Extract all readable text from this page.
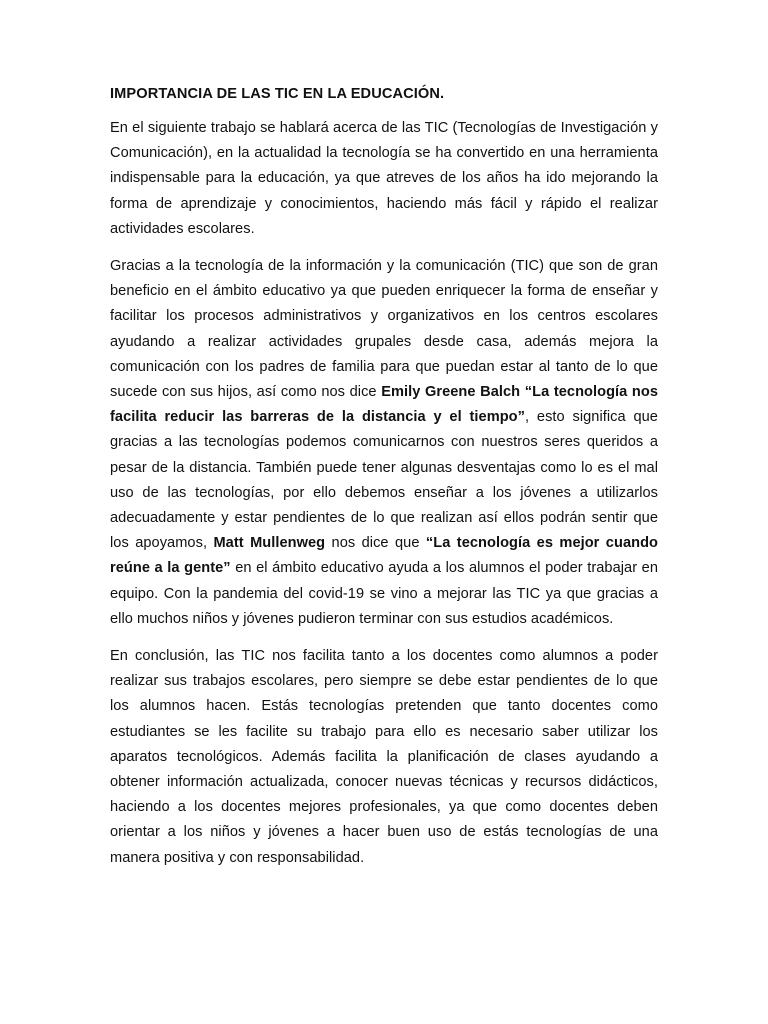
IMPORTANCIA DE LAS TIC EN LA EDUCACIÓN.

En el siguiente trabajo se hablará acerca de las TIC (Tecnologías de Investigación y Comunicación), en la actualidad la tecnología se ha convertido en una herramienta indispensable para la educación, ya que atreves de los años ha ido mejorando la forma de aprendizaje y conocimientos, haciendo más fácil y rápido el realizar actividades escolares.

Gracias a la tecnología de la información y la comunicación (TIC) que son de gran beneficio en el ámbito educativo ya que pueden enriquecer la forma de enseñar y facilitar los procesos administrativos y organizativos en los centros escolares ayudando a realizar actividades grupales desde casa, además mejora la comunicación con los padres de familia para que puedan estar al tanto de lo que sucede con sus hijos, así como nos dice Emily Greene Balch “La tecnología nos facilita reducir las barreras de la distancia y el tiempo”, esto significa que gracias a las tecnologías podemos comunicarnos con nuestros seres queridos a pesar de la distancia. También puede tener algunas desventajas como lo es el mal uso de las tecnologías, por ello debemos enseñar a los jóvenes a utilizarlos adecuadamente y estar pendientes de lo que realizan así ellos podrán sentir que los apoyamos, Matt Mullenweg nos dice que “La tecnología es mejor cuando reúne a la gente” en el ámbito educativo ayuda a los alumnos el poder trabajar en equipo. Con la pandemia del covid-19 se vino a mejorar las TIC ya que gracias a ello muchos niños y jóvenes pudieron terminar con sus estudios académicos.

En conclusión, las TIC nos facilita tanto a los docentes como alumnos a poder realizar sus trabajos escolares, pero siempre se debe estar pendientes de lo que los alumnos hacen. Estás tecnologías pretenden que tanto docentes como estudiantes se les facilite su trabajo para ello es necesario saber utilizar los aparatos tecnológicos. Además facilita la planificación de clases ayudando a obtener información actualizada, conocer nuevas técnicas y recursos didácticos, haciendo a los docentes mejores profesionales, ya que como docentes deben orientar a los niños y jóvenes a hacer buen uso de estás tecnologías de una manera positiva y con responsabilidad.
